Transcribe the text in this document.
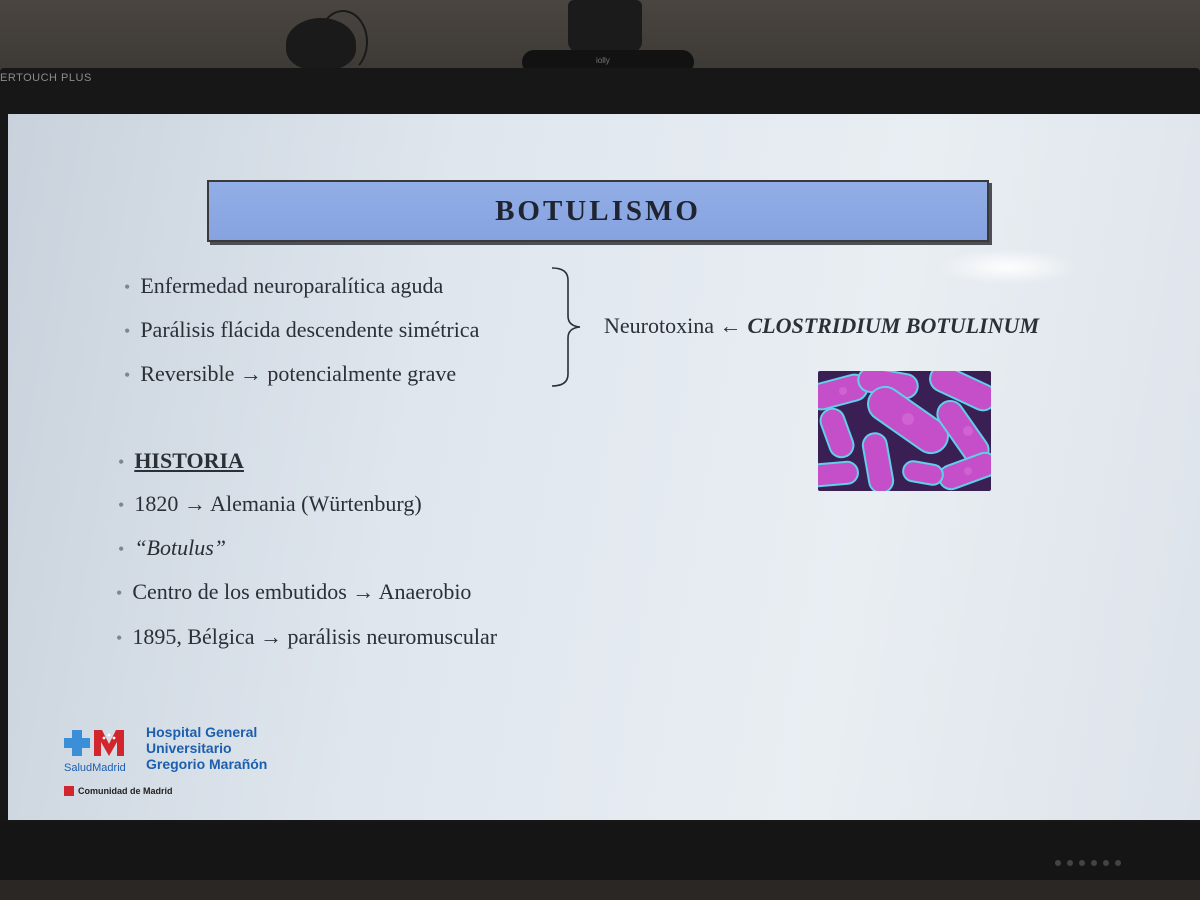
iolly
ERTOUCH PLUS
BOTULISMO
• Enfermedad neuroparalítica aguda
• Parálisis flácida descendente simétrica
• Reversible → potencialmente grave
Neurotoxina ← CLOSTRIDIUM BOTULINUM
• HISTORIA
• 1820 → Alemania (Würtenburg)
• “Botulus”
• Centro de los embutidos → Anaerobio
• 1895, Bélgica → parálisis neuromuscular
SaludMadrid
Hospital General
Universitario
Gregorio Marañón
Comunidad de Madrid
